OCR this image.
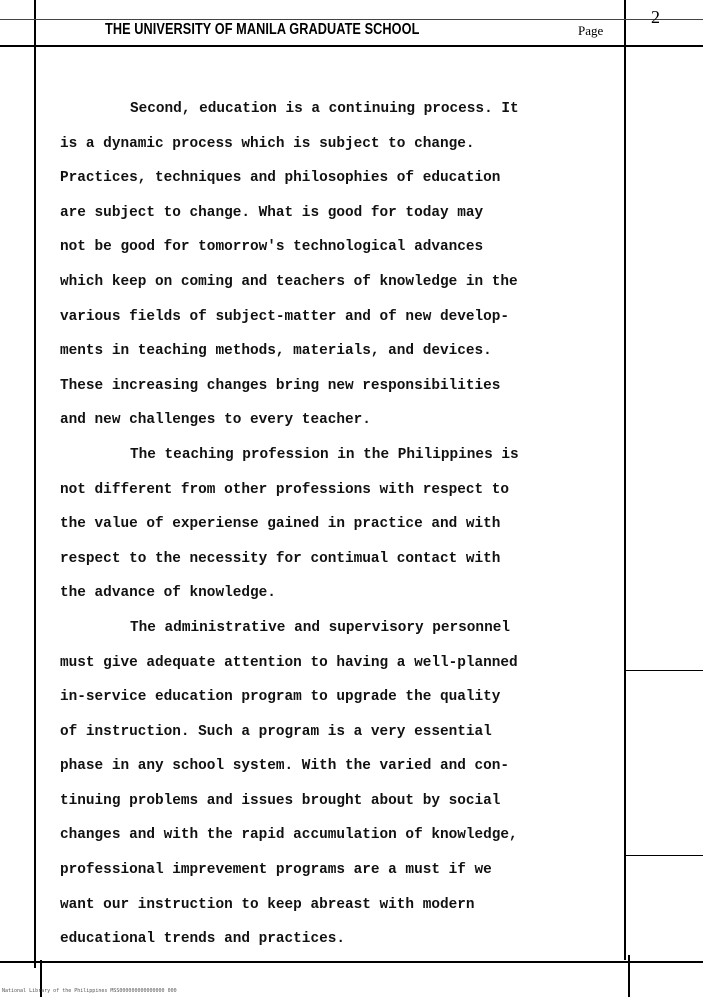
THE UNIVERSITY OF MANILA GRADUATE SCHOOL	Page
2

Second, education is a continuing process. It
is a dynamic process which is subject to change.
Practices, techniques and philosophies of education
are subject to change. What is good for today may
not be good for tomorrow's technological advances
which keep on coming and teachers of knowledge in the
various fields of subject-matter and of new develop-
ments in teaching methods, materials, and devices.
These increasing changes bring new responsibilities
and new challenges to every teacher.

The teaching profession in the Philippines is
not different from other professions with respect to
the value of experiense gained in practice and with
respect to the necessity for contimual contact with
the advance of knowledge.

The administrative and supervisory personnel
must give adequate attention to having a well-planned
in-service education program to upgrade the quality
of instruction. Such a program is a very essential
phase in any school system. With the varied and con-
tinuing problems and issues brought about by social
changes and with the rapid accumulation of knowledge,
professional imprevement programs are a must if we
want our instruction to keep abreast with modern
educational trends and practices.

National Library of the Philippines MSS000000000000000 000
